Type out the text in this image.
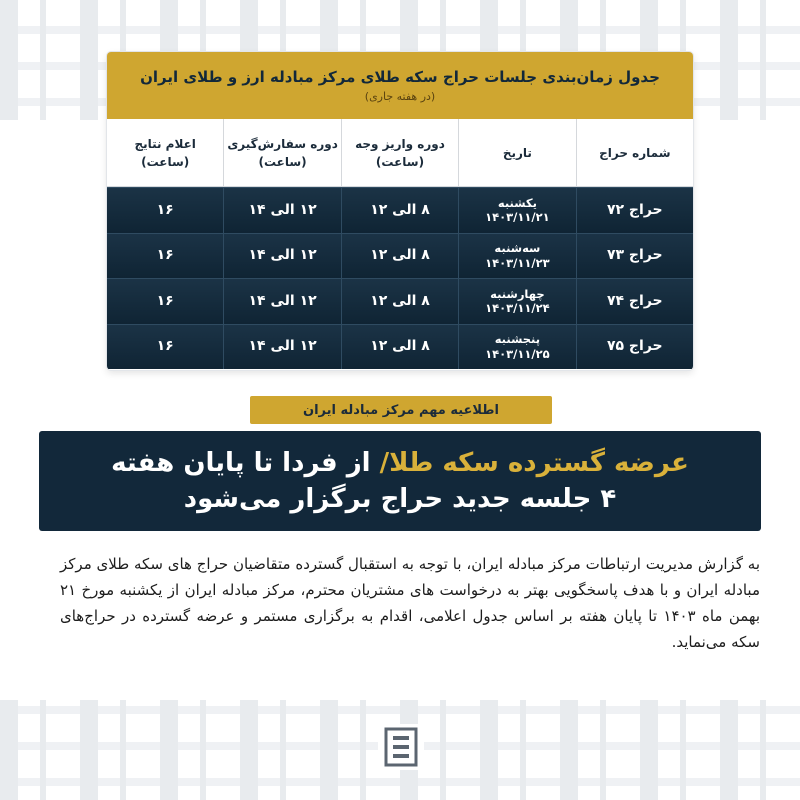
جدول زمان‌بندی جلسات حراج سکه طلای مرکز مبادله ارز و طلای ایران
(در هفته جاری)
شماره حراج
تاریخ
دوره واریز وجه
(ساعت)
دوره سفارش‌گیری
(ساعت)
اعلام نتایج
(ساعت)
حراج ۷۲
یکشنبه
۱۴۰۳/۱۱/۲۱
۸ الی ۱۲
۱۲ الی ۱۴
۱۶
حراج ۷۳
سه‌شنبه
۱۴۰۳/۱۱/۲۳
۸ الی ۱۲
۱۲ الی ۱۴
۱۶
حراج ۷۴
چهارشنبه
۱۴۰۳/۱۱/۲۴
۸ الی ۱۲
۱۲ الی ۱۴
۱۶
حراج ۷۵
پنجشنبه
۱۴۰۳/۱۱/۲۵
۸ الی ۱۲
۱۲ الی ۱۴
۱۶
اطلاعیه مهم مرکز مبادله ایران
عرضه گسترده سکه طلا/ از فردا تا پایان هفته
۴ جلسه جدید حراج برگزار می‌شود
به گزارش مدیریت ارتباطات مرکز مبادله ایران، با توجه به استقبال گسترده متقاضیان حراج های سکه طلای مرکز مبادله ایران و با هدف پاسخگویی بهتر به درخواست های مشتریان محترم، مرکز مبادله ایران از یکشنبه مورخ ۲۱ بهمن ماه ۱۴۰۳ تا پایان هفته بر اساس جدول اعلامی، اقدام به برگزاری مستمر و عرضه گسترده در حراج‌های سکه می‌نماید.
